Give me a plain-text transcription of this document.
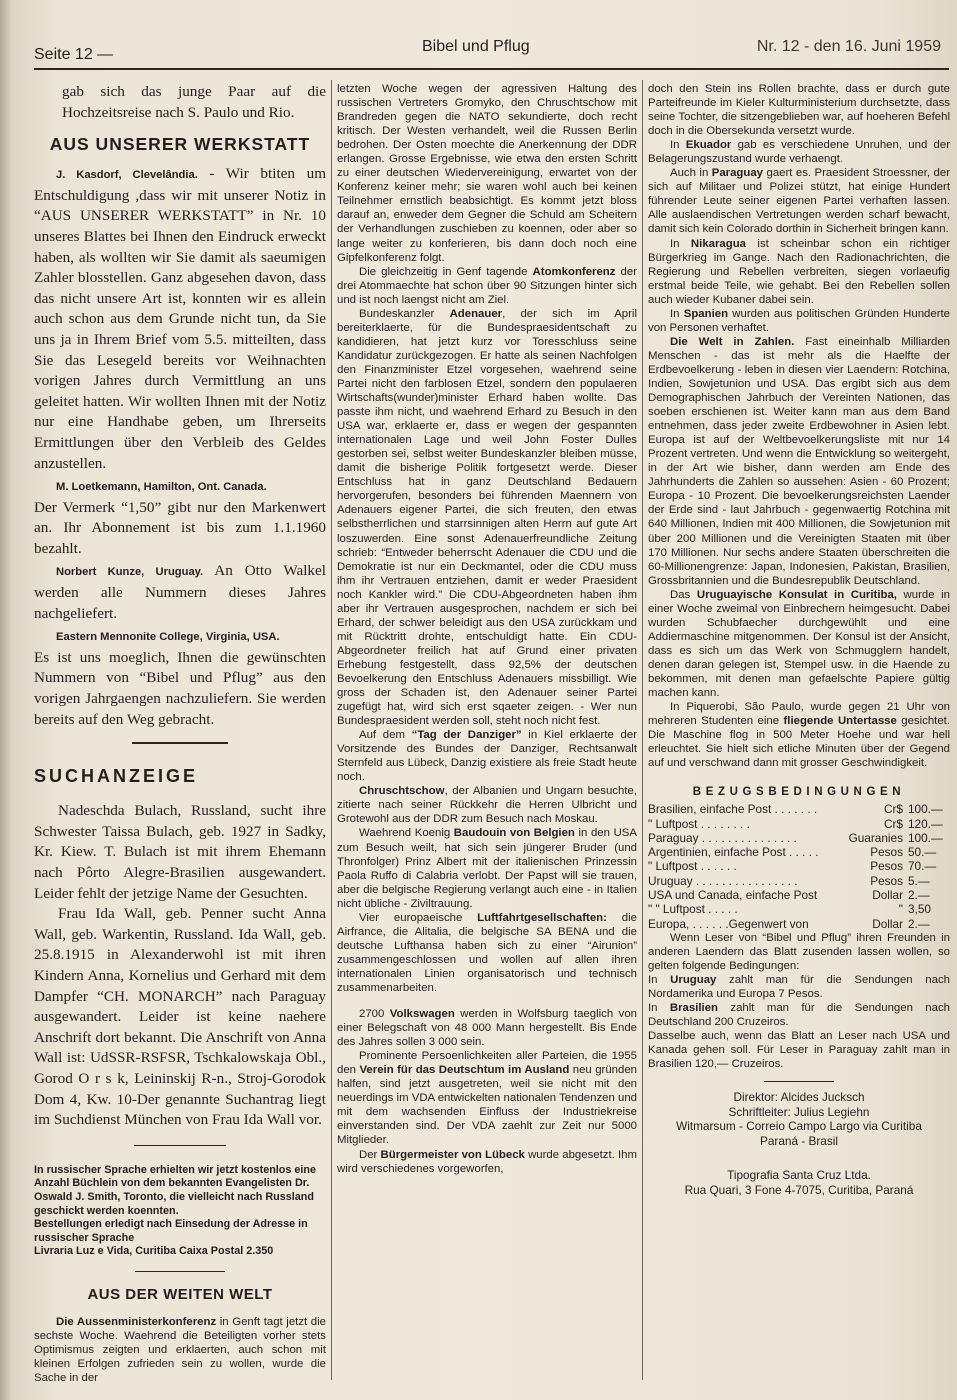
Seite 12 —	Bibel und Pflug	Nr. 12 - den 16. Juni 1959

gab sich das junge Paar auf die Hochzeitsreise nach S. Paulo und Rio.

AUS UNSERER WERKSTATT

J. Kasdorf, Clevelândia. - Wir btiten um Entschuldigung ,dass wir mit unserer Notiz in “AUS UNSERER WERKSTATT” in Nr. 10 unseres Blattes bei Ihnen den Eindruck erweckt haben, als wollten wir Sie damit als saeumigen Zahler blosstellen. Ganz abgesehen davon, dass das nicht unsere Art ist, konnten wir es allein auch schon aus dem Grunde nicht tun, da Sie uns ja in Ihrem Brief vom 5.5. mitteilten, dass Sie das Lesegeld bereits vor Weihnachten vorigen Jahres durch Vermittlung an uns geleitet hatten. Wir wollten Ihnen mit der Notiz nur eine Handhabe geben, um Ihrerseits Ermittlungen über den Verbleib des Geldes anzustellen.

M. Loetkemann, Hamilton, Ont. Canada.

Der Vermerk “1,50” gibt nur den Markenwert an. Ihr Abonnement ist bis zum 1.1.1960 bezahlt.

Norbert Kunze, Uruguay. An Otto Walkel werden alle Nummern dieses Jahres nachgeliefert.

Eastern Mennonite College, Virginia, USA.

Es ist uns moeglich, Ihnen die gewünschten Nummern von “Bibel und Pflug” aus den vorigen Jahrgaengen nachzuliefern. Sie werden bereits auf den Weg gebracht.

SUCHANZEIGE

Nadeschda Bulach, Russland, sucht ihre Schwester Taissa Bulach, geb. 1927 in Sadky, Kr. Kiew. T. Bulach ist mit ihrem Ehemann nach Pôrto Alegre-Brasilien ausgewandert. Leider fehlt der jetzige Name der Gesuchten.

Frau Ida Wall, geb. Penner sucht Anna Wall, geb. Warkentin, Russland. Ida Wall, geb. 25.8.1915 in Alexanderwohl ist mit ihren Kindern Anna, Kornelius und Gerhard mit dem Dampfer “CH. MONARCH” nach Paraguay ausgewandert. Leider ist keine naehere Anschrift dort bekannt. Die Anschrift von Anna Wall ist: UdSSR-RSFSR, Tschkalowskaja Obl., Gorod O r s k, Leininskij R-n., Stroj-Gorodok Dom 4, Kw. 10-Der genannte Suchantrag liegt im Suchdienst München von Frau Ida Wall vor.

In russischer Sprache erhielten wir jetzt kostenlos eine Anzahl Büchlein von dem bekannten Evangelisten Dr. Oswald J. Smith, Toronto, die vielleicht nach Russland geschickt werden koennten.

Bestellungen erledigt nach Einsedung der Adresse in russischer Sprache

Livraria Luz e Vida, Curitiba Caixa Postal 2.350

AUS DER WEITEN WELT

Die Aussenministerkonferenz in Genft tagt jetzt die sechste Woche. Waehrend die Beteiligten vorher stets Optimismus zeigten und erklaerten, auch schon mit kleinen Erfolgen zufrieden sein zu wollen, wurde die Sache in der

letzten Woche wegen der agressiven Haltung des russischen Vertreters Gromyko, den Chruschtschow mit Brandreden gegen die NATO sekundierte, doch recht kritisch. Der Westen verhandelt, weil die Russen Berlin bedrohen. Der Osten moechte die Anerkennung der DDR erlangen. Grosse Ergebnisse, wie etwa den ersten Schritt zu einer deutschen Wiedervereinigung, erwartet von der Konferenz keiner mehr; sie waren wohl auch bei keinen Teilnehmer ernstlich beabsichtigt. Es kommt jetzt bloss darauf an, enweder dem Gegner die Schuld am Scheitern der Verhandlungen zuschieben zu koennen, oder aber so lange weiter zu konferieren, bis dann doch noch eine Gipfelkonferenz folgt.

Die gleichzeitig in Genf tagende Atomkonferenz der drei Atommaechte hat schon über 90 Sitzungen hinter sich und ist noch laengst nicht am Ziel.

Bundeskanzler Adenauer, der sich im April bereiterklaerte, für die Bundespraesidentschaft zu kandidieren, hat jetzt kurz vor Toresschluss seine Kandidatur zurückgezogen. Er hatte als seinen Nachfolgen den Finanzminister Etzel vorgesehen, waehrend seine Partei nicht den farblosen Etzel, sondern den populaeren Wirtschafts(wunder)minister Erhard haben wollte. Das passte ihm nicht, und waehrend Erhard zu Besuch in den USA war, erklaerte er, dass er wegen der gespannten internationalen Lage und weil John Foster Dulles gestorben sei, selbst weiter Bundeskanzler bleiben müsse, damit die bisherige Politik fortgesetzt werde. Dieser Entschluss hat in ganz Deutschland Bedauern hervorgerufen, besonders bei führenden Maennern von Adenauers eigener Partei, die sich freuten, den etwas selbstherrlichen und starrsinnigen alten Herrn auf gute Art loszuwerden. Eine sonst Adenauerfreundliche Zeitung schrieb: “Entweder beherrscht Adenauer die CDU und die Demokratie ist nur ein Deckmantel, oder die CDU muss ihm ihr Vertrauen entziehen, damit er weder Praesident noch Kankler wird.” Die CDU-Abgeordneten haben ihm aber ihr Vertrauen ausgesprochen, nachdem er sich bei Erhard, der schwer beleidigt aus den USA zurückkam und mit Rücktritt drohte, entschuldigt hatte. Ein CDU-Abgeordneter freilich hat auf Grund einer privaten Erhebung festgestellt, dass 92,5% der deutschen Bevoelkerung den Entschluss Adenauers missbilligt. Wie gross der Schaden ist, den Adenauer seiner Partei zugefügt hat, wird sich erst sqaeter zeigen. - Wer nun Bundespraesident werden soll, steht noch nicht fest.

Auf dem “Tag der Danziger” in Kiel erklaerte der Vorsitzende des Bundes der Danziger, Rechtsanwalt Sternfeld aus Lübeck, Danzig existiere als freie Stadt heute noch.

Chruschtschow, der Albanien und Ungarn besuchte, zitierte nach seiner Rückkehr die Herren Ulbricht und Grotewohl aus der DDR zum Besuch nach Moskau.

Waehrend Koenig Baudouin von Belgien in den USA zum Besuch weilt, hat sich sein jüngerer Bruder (und Thronfolger) Prinz Albert mit der italienischen Prinzessin Paola Ruffo di Calabria verlobt. Der Papst will sie trauen, aber die belgische Regierung verlangt auch eine - in Italien nicht übliche - Ziviltrauung.

Vier europaeische Luftfahrtgesellschaften: die Airfrance, die Alitalia, die belgische SA BENA und die deutsche Lufthansa haben sich zu einer “Airunion” zusammengeschlossen und wollen auf allen ihren internationalen Linien organisatorisch und technisch zusammenarbeiten.

2700 Volkswagen werden in Wolfsburg taeglich von einer Belegschaft von 48 000 Mann hergestellt. Bis Ende des Jahres sollen 3 000 sein.

Prominente Persoenlichkeiten aller Parteien, die 1955 den Verein für das Deutschtum im Ausland neu gründen halfen, sind jetzt ausgetreten, weil sie nicht mit den neuerdings im VDA entwickelten nationalen Tendenzen und mit dem wachsenden Einfluss der Industriekreise einverstanden sind. Der VDA zaehlt zur Zeit nur 5000 Mitglieder.

Der Bürgermeister von Lübeck wurde abgesetzt. Ihm wird verschiedenes vorgeworfen,

doch den Stein ins Rollen brachte, dass er durch gute Parteifreunde im Kieler Kulturministerium durchsetzte, dass seine Tochter, die sitzengeblieben war, auf hoeheren Befehl doch in die Obersekunda versetzt wurde.

In Ekuador gab es verschiedene Unruhen, und der Belagerungszustand wurde verhaengt.

Auch in Paraguay gaert es. Praesident Stroessner, der sich auf Militaer und Polizei stützt, hat einige Hundert führender Leute seiner eigenen Partei verhaften lassen. Alle auslaendischen Vertretungen werden scharf bewacht, damit sich kein Colorado dorthin in Sicherheit bringen kann.

In Nikaragua ist scheinbar schon ein richtiger Bürgerkrieg im Gange. Nach den Radionachrichten, die Regierung und Rebellen verbreiten, siegen vorlaeufig erstmal beide Teile, wie gehabt. Bei den Rebellen sollen auch wieder Kubaner dabei sein.

In Spanien wurden aus politischen Gründen Hunderte von Personen verhaftet.

Die Welt in Zahlen. Fast eineinhalb Milliarden Menschen - das ist mehr als die Haelfte der Erdbevoelkerung - leben in diesen vier Laendern: Rotchina, Indien, Sowjetunion und USA. Das ergibt sich aus dem Demographischen Jahrbuch der Vereinten Nationen, das soeben erschienen ist. Weiter kann man aus dem Band entnehmen, dass jeder zweite Erdbewohner in Asien lebt. Europa ist auf der Weltbevoelkerungsliste mit nur 14 Prozent vertreten. Und wenn die Entwicklung so weitergeht, in der Art wie bisher, dann werden am Ende des Jahrhunderts die Zahlen so aussehen: Asien - 60 Prozent; Europa - 10 Prozent. Die bevoelkerungsreichsten Laender der Erde sind - laut Jahrbuch - gegenwaertig Rotchina mit 640 Millionen, Indien mit 400 Millionen, die Sowjetunion mit über 200 Millionen und die Vereinigten Staaten mit über 170 Millionen. Nur sechs andere Staaten überschreiten die 60-Millionengrenze: Japan, Indonesien, Pakistan, Brasilien, Grossbritannien und die Bundesrepublik Deutschland.

Das Uruguayische Konsulat in Curitiba, wurde in einer Woche zweimal von Einbrechern heimgesucht. Dabei wurden Schubfaecher durchgewühlt und eine Addiermaschine mitgenommen. Der Konsul ist der Ansicht, dass es sich um das Werk von Schmugglern handelt, denen daran gelegen ist, Stempel usw. in die Haende zu bekommen, mit denen man gefaelschte Papiere gültig machen kann.

In Piquerobi, São Paulo, wurde gegen 21 Uhr von mehreren Studenten eine fliegende Untertasse gesichtet. Die Maschine flog in 500 Meter Hoehe und war hell erleuchtet. Sie hielt sich etliche Minuten über der Gegend auf und verschwand dann mit grosser Geschwindigkeit.

BEZUGSBEDINGUNGEN
Brasilien, einfache Post . . . . . . .	Cr$	100.—
" Luftpost . . . . . . . .	Cr$	120.—
Paraguay . . . . . . . . . . . . . . .	Guaranies	100.—
Argentinien, einfache Post . . . . .	Pesos	50.—
" Luftpost . . . . . .	Pesos	70.—
Uruguay . . . . . . . . . . . . . . . .	Pesos	5.—
USA und Canada, einfache Post	Dollar	2.—
" " Luftpost . . . . .	"	3,50
Europa, . . . . . .Gegenwert von	Dollar	2.—

Wenn Leser von “Bibel und Pflug” ihren Freunden in anderen Laendern das Blatt zusenden lassen wollen, so gelten folgende Bedingungen:

In Uruguay zahlt man für die Sendungen nach Nordamerika und Europa 7 Pesos.

In Brasilien zahlt man für die Sendungen nach Deutschland 200 Cruzeiros.

Dasselbe auch, wenn das Blatt an Leser nach USA und Kanada gehen soll. Für Leser in Paraguay zahlt man in Brasilien 120,— Cruzeiros.

Direktor: Alcides Jucksch
Schriftleiter: Julius Legiehn
Witmarsum - Correio Campo Largo via Curitiba
Paraná - Brasil
Tipografia Santa Cruz Ltda.
Rua Quari, 3 Fone 4-7075, Curitiba, Paraná
